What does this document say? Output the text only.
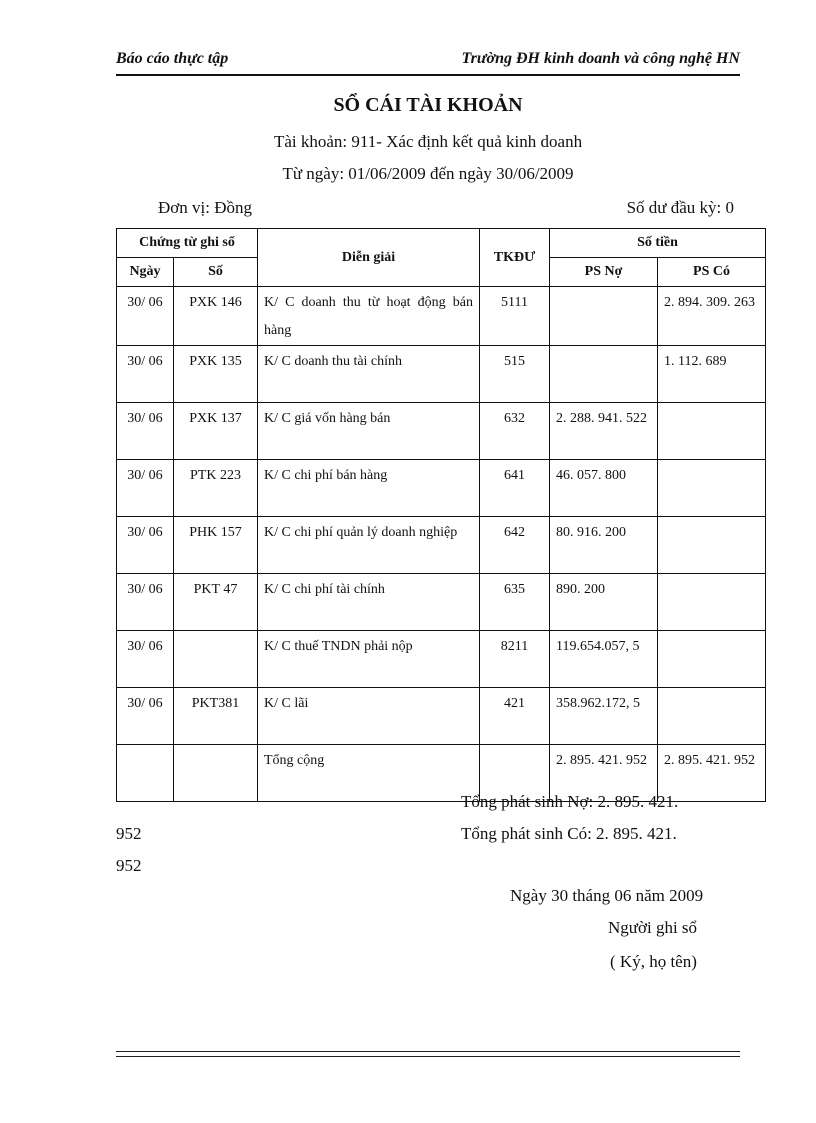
Báo cáo thực tập	Trường ĐH kinh doanh và công nghệ HN
SỔ CÁI TÀI KHOẢN
Tài khoản: 911- Xác định kết quả kinh doanh
Từ ngày: 01/06/2009 đến ngày 30/06/2009
Đơn vị: Đồng	Số dư đầu kỳ: 0
Chứng từ ghi sổ		Diễn giải	TKĐƯ	Số tiền	
Ngày	Số			PS Nợ	PS Có
30/ 06	PXK 146	K/ C doanh thu từ hoạt động bán hàng	5111		2. 894. 309. 263
30/ 06	PXK 135	K/ C doanh thu tài chính	515		1. 112. 689
30/ 06	PXK 137	K/ C giá vốn hàng bán	632	2. 288. 941. 522	
30/ 06	PTK 223	K/ C chi phí bán hàng	641	46. 057. 800	
30/ 06	PHK 157	K/ C chi phí quản lý doanh nghiệp	642	80. 916. 200	
30/ 06	PKT 47	K/ C chi phí tài chính	635	890. 200	
30/ 06		K/ C thuế TNDN phải nộp	8211	119.654.057, 5	
30/ 06	PKT381	K/ C lãi	421	358.962.172, 5	
		Tổng cộng		2. 895. 421. 952	2. 895. 421. 952
Tổng phát sinh Nợ: 2. 895. 421.
952	Tổng phát sinh Có: 2. 895. 421.
952
Ngày 30 tháng 06 năm 2009
Người ghi sổ
( Ký, họ tên)
